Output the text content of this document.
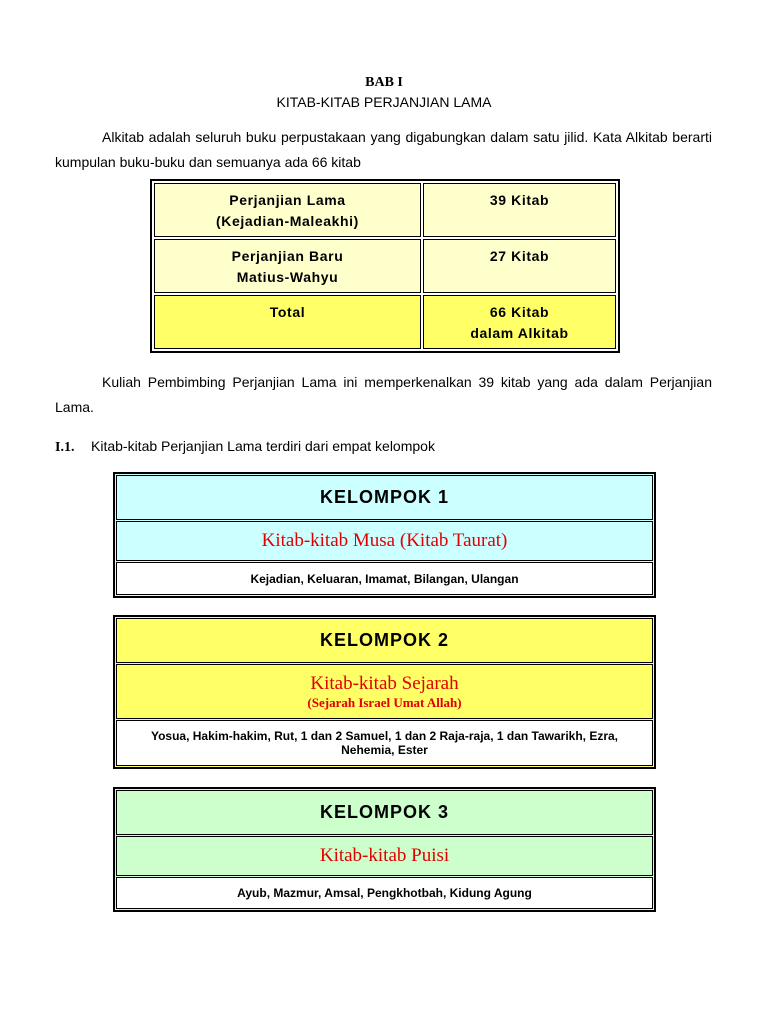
BAB I
KITAB-KITAB PERJANJIAN LAMA
Alkitab adalah seluruh buku perpustakaan yang digabungkan dalam satu jilid. Kata Alkitab berarti kumpulan buku-buku dan semuanya ada 66 kitab
Perjanjian Lama
(Kejadian-Maleakhi)	39 Kitab

Perjanjian Baru
Matius-Wahyu	27 Kitab

Total	66 Kitab
dalam Alkitab
Kuliah Pembimbing Perjanjian Lama ini memperkenalkan 39 kitab yang ada dalam Perjanjian Lama.
I.1. Kitab-kitab Perjanjian Lama terdiri dari empat kelompok
KELOMPOK 1
Kitab-kitab Musa (Kitab Taurat)
Kejadian, Keluaran, Imamat, Bilangan, Ulangan
KELOMPOK 2
Kitab-kitab Sejarah
(Sejarah Israel Umat Allah)
Yosua, Hakim-hakim, Rut, 1 dan 2 Samuel, 1 dan 2 Raja-raja, 1 dan Tawarikh, Ezra, Nehemia, Ester
KELOMPOK 3
Kitab-kitab Puisi
Ayub, Mazmur, Amsal, Pengkhotbah, Kidung Agung
